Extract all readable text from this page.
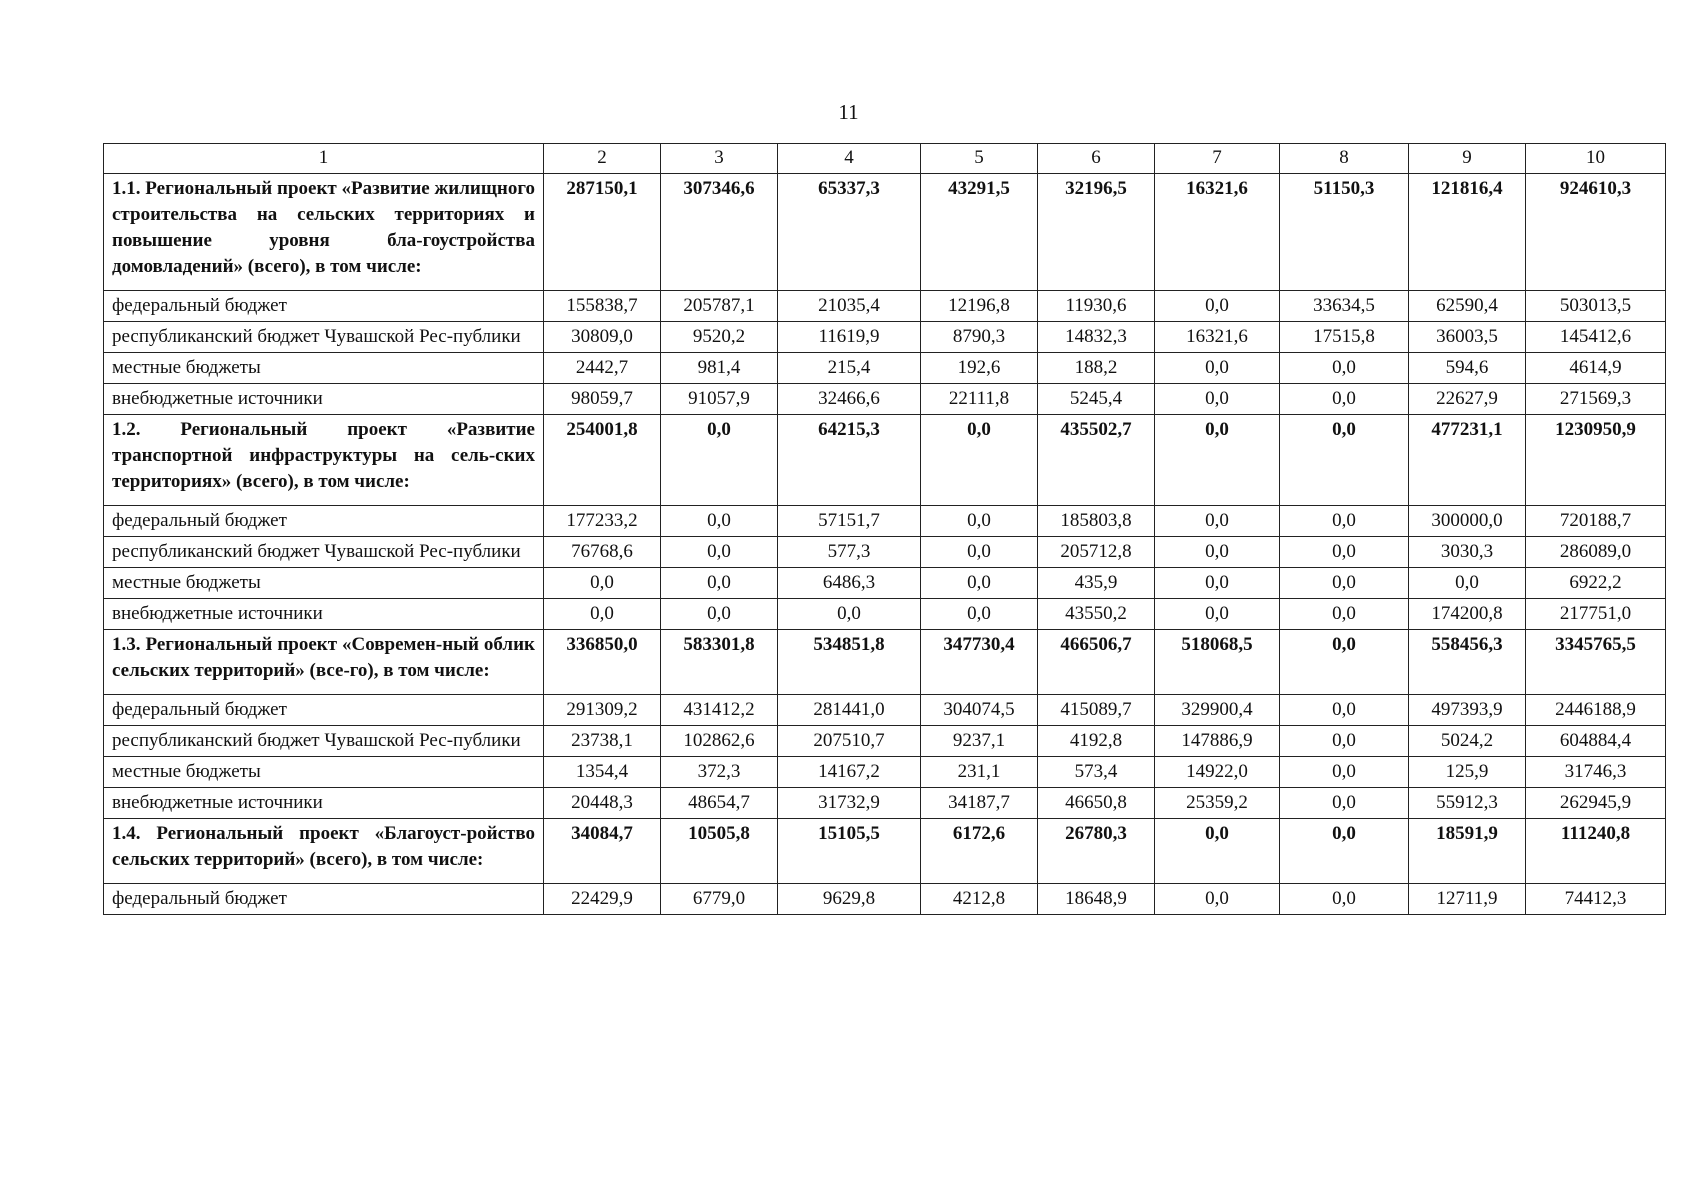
11
1	2	3	4	5	6	7	8	9	10
1.1. Региональный проект «Развитие жилищного строительства на сельских территориях и повышение уровня бла-гоустройства домовладений» (всего), в том числе:	287150,1	307346,6	65337,3	43291,5	32196,5	16321,6	51150,3	121816,4	924610,3
федеральный бюджет	155838,7	205787,1	21035,4	12196,8	11930,6	0,0	33634,5	62590,4	503013,5
республиканский бюджет Чувашской Рес-публики	30809,0	9520,2	11619,9	8790,3	14832,3	16321,6	17515,8	36003,5	145412,6
местные бюджеты	2442,7	981,4	215,4	192,6	188,2	0,0	0,0	594,6	4614,9
внебюджетные источники	98059,7	91057,9	32466,6	22111,8	5245,4	0,0	0,0	22627,9	271569,3
1.2. Региональный проект «Развитие транспортной инфраструктуры на сель-ских территориях» (всего), в том числе:	254001,8	0,0	64215,3	0,0	435502,7	0,0	0,0	477231,1	1230950,9
федеральный бюджет	177233,2	0,0	57151,7	0,0	185803,8	0,0	0,0	300000,0	720188,7
республиканский бюджет Чувашской Рес-публики	76768,6	0,0	577,3	0,0	205712,8	0,0	0,0	3030,3	286089,0
местные бюджеты	0,0	0,0	6486,3	0,0	435,9	0,0	0,0	0,0	6922,2
внебюджетные источники	0,0	0,0	0,0	0,0	43550,2	0,0	0,0	174200,8	217751,0
1.3. Региональный проект «Современ-ный облик сельских территорий» (все-го), в том числе:	336850,0	583301,8	534851,8	347730,4	466506,7	518068,5	0,0	558456,3	3345765,5
федеральный бюджет	291309,2	431412,2	281441,0	304074,5	415089,7	329900,4	0,0	497393,9	2446188,9
республиканский бюджет Чувашской Рес-публики	23738,1	102862,6	207510,7	9237,1	4192,8	147886,9	0,0	5024,2	604884,4
местные бюджеты	1354,4	372,3	14167,2	231,1	573,4	14922,0	0,0	125,9	31746,3
внебюджетные источники	20448,3	48654,7	31732,9	34187,7	46650,8	25359,2	0,0	55912,3	262945,9
1.4. Региональный проект «Благоуст-ройство сельских территорий» (всего), в том числе:	34084,7	10505,8	15105,5	6172,6	26780,3	0,0	0,0	18591,9	111240,8
федеральный бюджет	22429,9	6779,0	9629,8	4212,8	18648,9	0,0	0,0	12711,9	74412,3
